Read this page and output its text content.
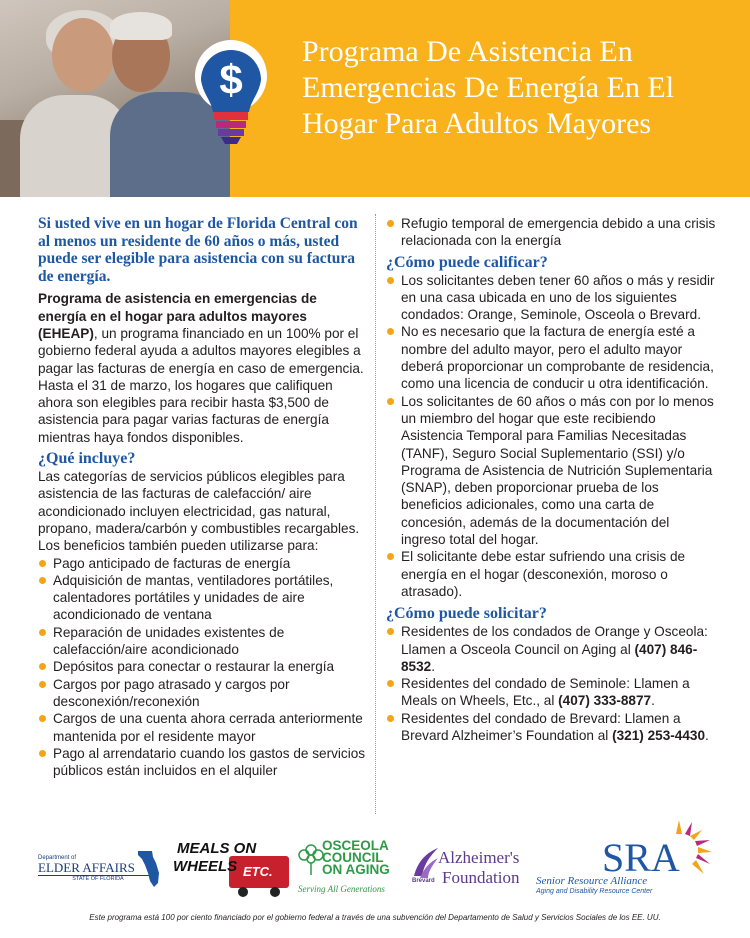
$
Programa De Asistencia En
Emergencias De Energía En El
Hogar Para Adultos Mayores

Si usted vive en un hogar de Florida Central con al menos un residente de 60 años o más, usted puede ser elegible para asistencia con su factura de energía.

Programa de asistencia en emergencias de energía en el hogar para adultos mayores (EHEAP), un programa financiado en un 100% por el gobierno federal ayuda a adultos mayores elegibles a pagar las facturas de energía en caso de emergencia. Hasta el 31 de marzo, los hogares que califiquen ahora son elegibles para recibir hasta $3,500 de asistencia para pagar varias facturas de energía mientras haya fondos disponibles.

¿Qué incluye?

Las categorías de servicios públicos elegibles para asistencia de las facturas de calefacción/ aire acondicionado incluyen electricidad, gas natural, propano, madera/carbón y combustibles recargables. Los beneficios también pueden utilizarse para:

Pago anticipado de facturas de energía
Adquisición de mantas, ventiladores portátiles, calentadores portátiles y unidades de aire acondicionado de ventana
Reparación de unidades existentes de calefacción/aire acondicionado
Depósitos para conectar o restaurar la energía
Cargos por pago atrasado y cargos por desconexión/reconexión
Cargos de una cuenta ahora cerrada anteriormente mantenida por el residente mayor
Pago al arrendatario cuando los gastos de servicios públicos están incluidos en el alquiler
Refugio temporal de emergencia debido a una crisis relacionada con la energía
¿Cómo puede calificar?
Los solicitantes deben tener 60 años o más y residir en una casa ubicada en uno de los siguientes condados: Orange, Seminole, Osceola o Brevard.
No es necesario que la factura de energía esté a nombre del adulto mayor, pero el adulto mayor deberá proporcionar un comprobante de residencia, como una licencia de conducir u otra identificación.
Los solicitantes de 60 años o más con por lo menos un miembro del hogar que este recibiendo Asistencia Temporal para Familias Necesitadas (TANF), Seguro Social Suplementario (SSI) y/o Programa de Asistencia de Nutrición Suplementaria (SNAP), deben proporcionar prueba de los beneficios adicionales, como una carta de concesión, además de la documentación del ingreso total del hogar.
El solicitante debe estar sufriendo una crisis de energía en el hogar (desconexión, moroso o atrasado).
¿Cómo puede solicitar?
Residentes de los condados de Orange y Osceola: Llamen a Osceola Council on Aging al (407) 846-8532.
Residentes del condado de Seminole: Llamen a Meals on Wheels, Etc., al (407) 333-8877.
Residentes del condado de Brevard: Llamen a Brevard Alzheimer’s Foundation al (321) 253-4430.
Department of
ELDER AFFAIRS
STATE OF FLORIDA
MEALS ON
WHEELS ETC.
OSCEOLA
COUNCIL
ON AGING
Serving All Generations
Alzheimer's
Foundation
Brevard
SRA
Senior Resource Alliance
Aging and Disability Resource Center
Este programa está 100 por ciento financiado por el gobierno federal a través de una subvención del Departamento de Salud y Servicios Sociales de los EE. UU.
